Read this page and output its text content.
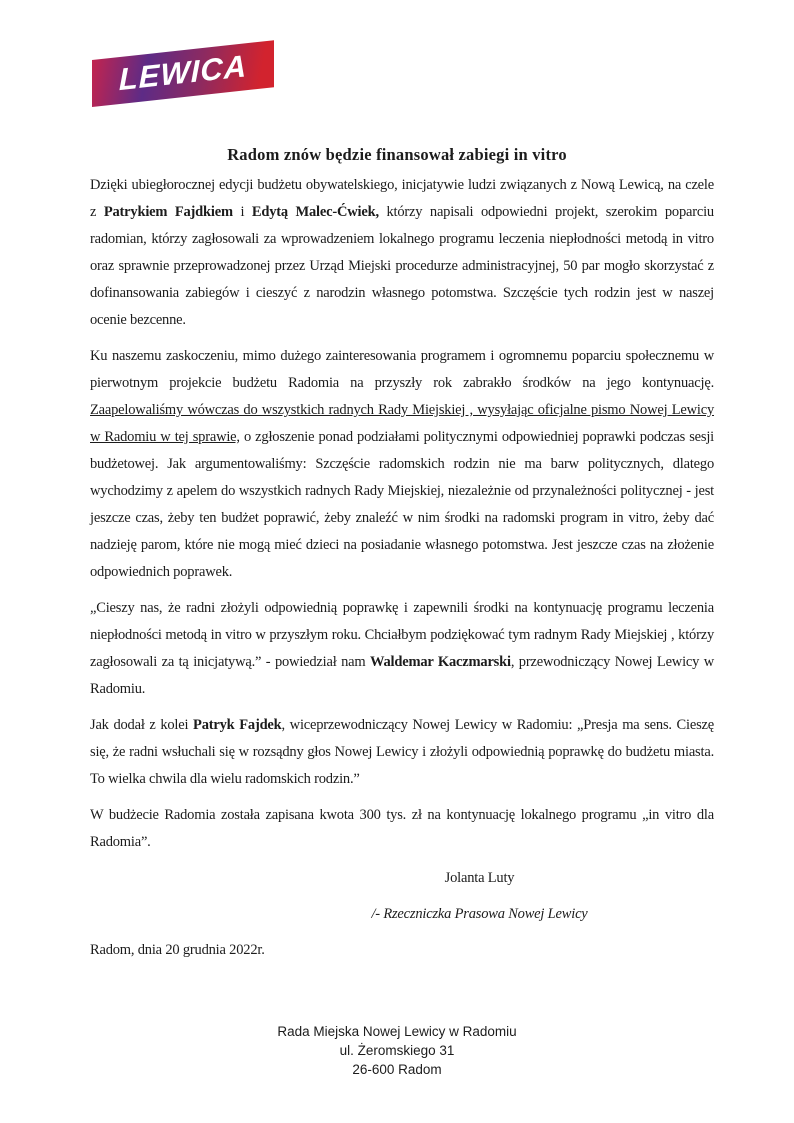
LEWICA
Radom znów będzie finansował zabiegi in vitro

Dzięki ubiegłorocznej edycji budżetu obywatelskiego, inicjatywie ludzi związanych z Nową Lewicą, na czele z Patrykiem Fajdkiem i Edytą Malec-Ćwiek, którzy napisali odpowiedni projekt, szerokim poparciu radomian, którzy zagłosowali za wprowadzeniem lokalnego programu leczenia niepłodności metodą in vitro oraz sprawnie przeprowadzonej przez Urząd Miejski procedurze administracyjnej, 50 par mogło skorzystać z dofinansowania zabiegów i cieszyć z narodzin własnego potomstwa. Szczęście tych rodzin jest w naszej ocenie bezcenne.

Ku naszemu zaskoczeniu, mimo dużego zainteresowania programem i ogromnemu poparciu społecznemu w pierwotnym projekcie budżetu Radomia na przyszły rok zabrakło środków na jego kontynuację. Zaapelowaliśmy wówczas do wszystkich radnych Rady Miejskiej , wysyłając oficjalne pismo Nowej Lewicy w Radomiu w tej sprawie, o zgłoszenie ponad podziałami politycznymi odpowiedniej poprawki podczas sesji budżetowej. Jak argumentowaliśmy: Szczęście radomskich rodzin nie ma barw politycznych, dlatego wychodzimy z apelem do wszystkich radnych Rady Miejskiej, niezależnie od przynależności politycznej - jest jeszcze czas, żeby ten budżet poprawić, żeby znaleźć w nim środki na radomski program in vitro, żeby dać nadzieję parom, które nie mogą mieć dzieci na posiadanie własnego potomstwa. Jest jeszcze czas na złożenie odpowiednich poprawek.

„Cieszy nas, że radni złożyli odpowiednią poprawkę i zapewnili środki na kontynuację programu leczenia niepłodności metodą in vitro w przyszłym roku. Chciałbym podziękować tym radnym Rady Miejskiej , którzy zagłosowali za tą inicjatywą.” - powiedział nam Waldemar Kaczmarski, przewodniczący Nowej Lewicy w Radomiu.

Jak dodał z kolei Patryk Fajdek, wiceprzewodniczący Nowej Lewicy w Radomiu: „Presja ma sens. Cieszę się, że radni wsłuchali się w rozsądny głos Nowej Lewicy i złożyli odpowiednią poprawkę do budżetu miasta. To wielka chwila dla wielu radomskich rodzin.”

W budżecie Radomia została zapisana kwota 300 tys. zł na kontynuację lokalnego programu „in vitro dla Radomia”.

Jolanta Luty
/- Rzeczniczka Prasowa Nowej Lewicy
Radom, dnia 20 grudnia 2022r.
Rada Miejska Nowej Lewicy w Radomiu
ul. Żeromskiego 31
26-600 Radom
